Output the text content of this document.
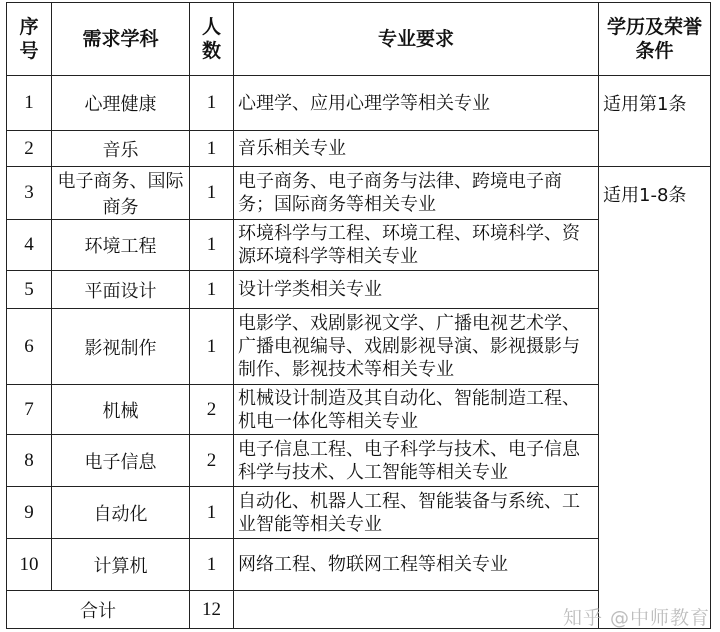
序号	需求学科	人数	专业要求	学历及荣誉条件	
1	心理健康	1	心理学、应用心理学等相关专业	适用第1条	
2	音乐	1	音乐相关专业		
3	电子商务、国际商务	1	电子商务、电子商务与法律、跨境电子商务；国际商务等相关专业	适用1-8条	
4	环境工程	1	环境科学与工程、环境工程、环境科学、资源环境科学等相关专业		
5	平面设计	1	设计学类相关专业		
6	影视制作	1	电影学、戏剧影视文学、广播电视艺术学、广播电视编导、戏剧影视导演、影视摄影与制作、影视技术等相关专业		
7	机械	2	机械设计制造及其自动化、智能制造工程、机电一体化等相关专业		
8	电子信息	2	电子信息工程、电子科学与技术、电子信息科学与技术、人工智能等相关专业		
9	自动化	1	自动化、机器人工程、智能装备与系统、工业智能等相关专业		
10	计算机	1	网络工程、物联网工程等相关专业		
合计		12				知乎 @中师教育
